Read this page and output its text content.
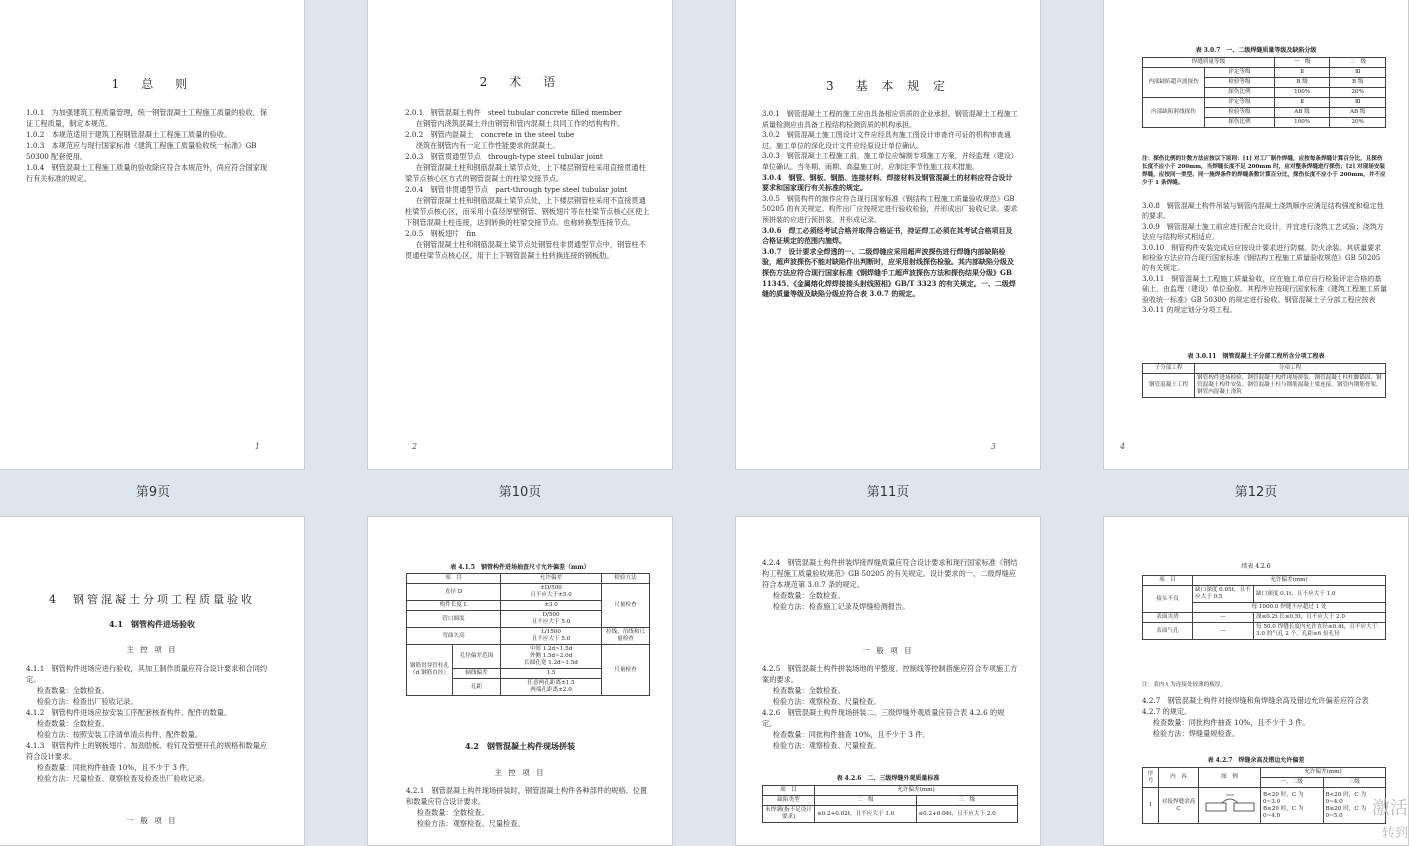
1　总　则

1.0.1　为加强建筑工程质量管理，统一钢管混凝土工程施工质量的验收，保证工程质量，制定本规范。

1.0.2　本规范适用于建筑工程钢管混凝土工程施工质量的验收。

1.0.3　本规范应与现行国家标准《建筑工程施工质量验收统一标准》GB 50300 配套使用。

1.0.4　钢管混凝土工程施工质量的验收除应符合本规范外，尚应符合国家现行有关标准的规定。

1
第9页
2　术　语

2.0.1　钢管混凝土构件　steel tubular concrete filled member

在钢管内浇筑混凝土并由钢管和管内混凝土共同工作的结构构件。

2.0.2　钢管内混凝土　concrete in the steel tube

浇筑在钢管内有一定工作性能要求的混凝土。

2.0.3　钢管贯通型节点　through-type steel tubular joint

在钢管混凝土柱和钢筋混凝土梁节点处，上下楼层钢管柱采用直接贯通柱梁节点核心区方式的钢管混凝土的柱梁交接节点。

2.0.4　钢管非贯通型节点　part-through type steel tubular joint

在钢管混凝土柱和钢筋混凝土梁节点处，上下楼层钢管柱采用不直接贯通柱梁节点核心区，而采用小直径厚壁钢管、钢板翅片等在柱梁节点核心区使上下钢管混凝土柱连接，达到转换的柱梁交接节点。也称转换型连接节点。

2.0.5　钢板翅片　fin

在钢管混凝土柱和钢筋混凝土梁节点处钢管柱非贯通型节点中，钢管柱不贯通柱梁节点核心区，用于上下钢管混凝土柱转换连接的钢板肋。

2
第10页
3　基 本 规 定

3.0.1　钢管混凝土工程的施工应由具备相应资质的企业承担。钢管混凝土工程施工质量检测应由具备工程结构检测资质的机构承担。

3.0.2　钢管混凝土施工图设计文件应经具有施工图设计审查许可证的机构审查通过。施工单位的深化设计文件应经原设计单位确认。

3.0.3　钢管混凝土工程施工前，施工单位应编制专项施工方案，并经监理（建设）单位确认。当冬期、雨期、高温施工时，应制定季节性施工技术措施。

3.0.4　钢管、钢板、钢筋、连接材料、焊接材料及钢管混凝土的材料应符合设计要求和国家现行有关标准的规定。

3.0.5　钢管构件的制作应符合现行国家标准《钢结构工程施工质量验收规范》GB 50205 的有关规定。构件出厂应按规定进行验收检验，并形成出厂验收记录。要求预拼装的应进行预拼装，并形成记录。

3.0.6　焊工必须经考试合格并取得合格证书，持证焊工必须在其考试合格项目及合格证规定的范围内施焊。

3.0.7　设计要求全焊透的一、二级焊缝应采用超声波探伤进行焊缝内部缺陷检验，超声波探伤不能对缺陷作出判断时，应采用射线探伤检验。其内部缺陷分级及探伤方法应符合现行国家标准《钢焊缝手工超声波探伤方法和探伤结果分级》GB 11345、《金属熔化焊焊接接头射线照相》GB/T 3323 的有关规定。一、二级焊缝的质量等级及缺陷分级应符合表 3.0.7 的规定。

3
第11页
表 3.0.7　一、二级焊缝质量等级及缺陷分级
焊缝质量等级		一　级	二　级
内部缺陷超声波探伤	评定等级	Ⅱ	Ⅲ
	检验等级	B 级	B 级
	探伤比例	100%	20%
内部缺陷射线探伤	评定等级	Ⅱ	Ⅲ
	检验等级	AB 级	AB 级
	探伤比例	100%	20%
注：探伤比例的计数方法应按以下原则：[1] 对工厂制作焊缝，应按每条焊缝计算百分比，且探伤长度不应小于 200mm，当焊缝长度不足 200mm 时，应对整条焊缝进行探伤；[2] 对现场安装焊缝，应按同一类型、同一施焊条件的焊缝条数计算百分比，探伤长度不应小于 200mm，并不应少于 1 条焊缝。

3.0.8　钢管混凝土构件吊装与钢管内混凝土浇筑顺序应满足结构强度和稳定性的要求。

3.0.9　钢管混凝土施工前应进行配合比设计，并宜进行浇筑工艺试验；浇筑方法应与结构形式相适应。

3.0.10　钢管构件安装完成后应按设计要求进行防腐、防火涂装。其质量要求和检验方法应符合现行国家标准《钢结构工程施工质量验收规范》GB 50205 的有关规定。

3.0.11　钢管混凝土工程施工质量验收，应在施工单位自行检验评定合格的基础上，由监理（建设）单位验收。其程序应按现行国家标准《建筑工程施工质量验收统一标准》GB 50300 的规定进行验收。钢管混凝土子分部工程应按表 3.0.11 的规定划分分项工程。

表 3.0.11　钢管混凝土子分部工程所含分项工程表
子分部工程	分项工程
钢管混凝土工程	钢管构件进场检验、钢管混凝土构件现场拼装、钢管混凝土柱柱脚锚固、钢管混凝土构件安装、钢管混凝土柱与钢筋混凝土梁连接、钢管内钢筋骨架、钢管内混凝土浇筑
4
第12页
4　钢管混凝土分项工程质量验收
4.1　钢管构件进场验收
主 控 项 目

4.1.1　钢管构件进场应进行验收，其加工制作质量应符合设计要求和合同约定。

检查数量：全数检查。

检验方法：检查出厂验收记录。

4.1.2　钢管构件进场应按安装工序配套核查构件、配件的数量。

检查数量：全数检查。

检验方法：按照安装工序清单清点构件、配件数量。

4.1.3　钢管构件上的钢板翅片、加劲肋板、栓钉及管壁开孔的规格和数量应符合设计要求。

检查数量：同批构件抽查 10%，且不少于 3 件。

检验方法：尺量检查、观察检查及检查出厂验收记录。

一 般 项 目
表 4.1.5　钢管构件进场抽查尺寸允许偏差（mm）
项　目		允许偏差	检验方法
直径 D		±D/500
且不应大于±5.0	尺量检查
构件长度 L		±3.0	
管口圆度		D/500
且不应大于 5.0	
弯曲矢高		L/1500
且不应大于 5.0	拉线、吊线和尺量检查
钢筋贯穿管柱孔（d 钢筋直径）	孔径偏差范围	中间 1.2d~1.5d
外侧 1.5d~2.0d
长圆孔宽 1.2d~1.5d	尺量检查
	轴线偏差	1.5	
	孔距	任意两孔距离±1.5
两端孔距离±2.0	
4.2　钢管混凝土构件现场拼装
主 控 项 目

4.2.1　钢管混凝土构件现场拼装时，钢管混凝土构件各种部件的规格、位置和数量应符合设计要求。

检查数量：全数检查。

检验方法：观察检查、尺量检查。

4.2.4　钢管混凝土构件拼装焊接焊缝质量应符合设计要求和现行国家标准《钢结构工程施工质量验收规范》GB 50205 的有关规定。设计要求的一、二级焊缝应符合本规范第 3.0.7 条的规定。

检查数量：全数检查。

检验方法：检查施工记录及焊缝检测报告。

一 般 项 目

4.2.5　钢管混凝土构件拼装场地的平整度、控制线等控制措施应符合专项施工方案的要求。

检查数量：全数检查。

检验方法：观察检查、尺量检查。

4.2.6　钢管混凝土构件现场拼装二、三级焊缝外观质量应符合表 4.2.6 的规定。

检查数量：同批构件抽查 10%，且不少于 3 件。

检验方法：观察检查、尺量检查。

表 4.2.6　二、三级焊缝外观质量标准
项　目	允许偏差(mm)	
缺陷类型	二　级	三　级
未焊满(指不足设计要求)	≤0.2+0.02t，且不应大于 1.0	≤0.2+0.04t，且不应大于 2.0
续表 4.2.6
项　目	允许偏差(mm)	
接头不良	缺口深度 0.05t，且不应大于 0.5	缺口深度 0.1t，且不应大于 1.0
	每 1000.0 焊缝不应超过 1 处	
表面夹渣	—	深≤0.2t 长≤0.5t，且不应大于 2.0
表面气孔	—	每 50.0 焊缝长度内允许直径≤0.4t，且不应大于 3.0 的气孔 2 个，孔距≥6 倍孔径
注：表内 t 为连接处较薄的板厚。

4.2.7　钢管混凝土构件对接焊缝和角焊缝余高及错边允许偏差应符合表 4.2.7 的规定。

检查数量：同批构件抽查 10%，且不少于 3 件。

检验方法：焊缝量规检查。

表 4.2.7　焊缝余高及错边允许偏差
序号	内　容	图　例	允许偏差(mm)	
			一、二级	三级
1	对接焊缝余高 C		B<20 时，C 为 0~3.0
B≥20 时，C 为 0~4.0	B<20 时，C 为 0~4.0
B≥20 时，C 为 0~5.0 激活
转到
